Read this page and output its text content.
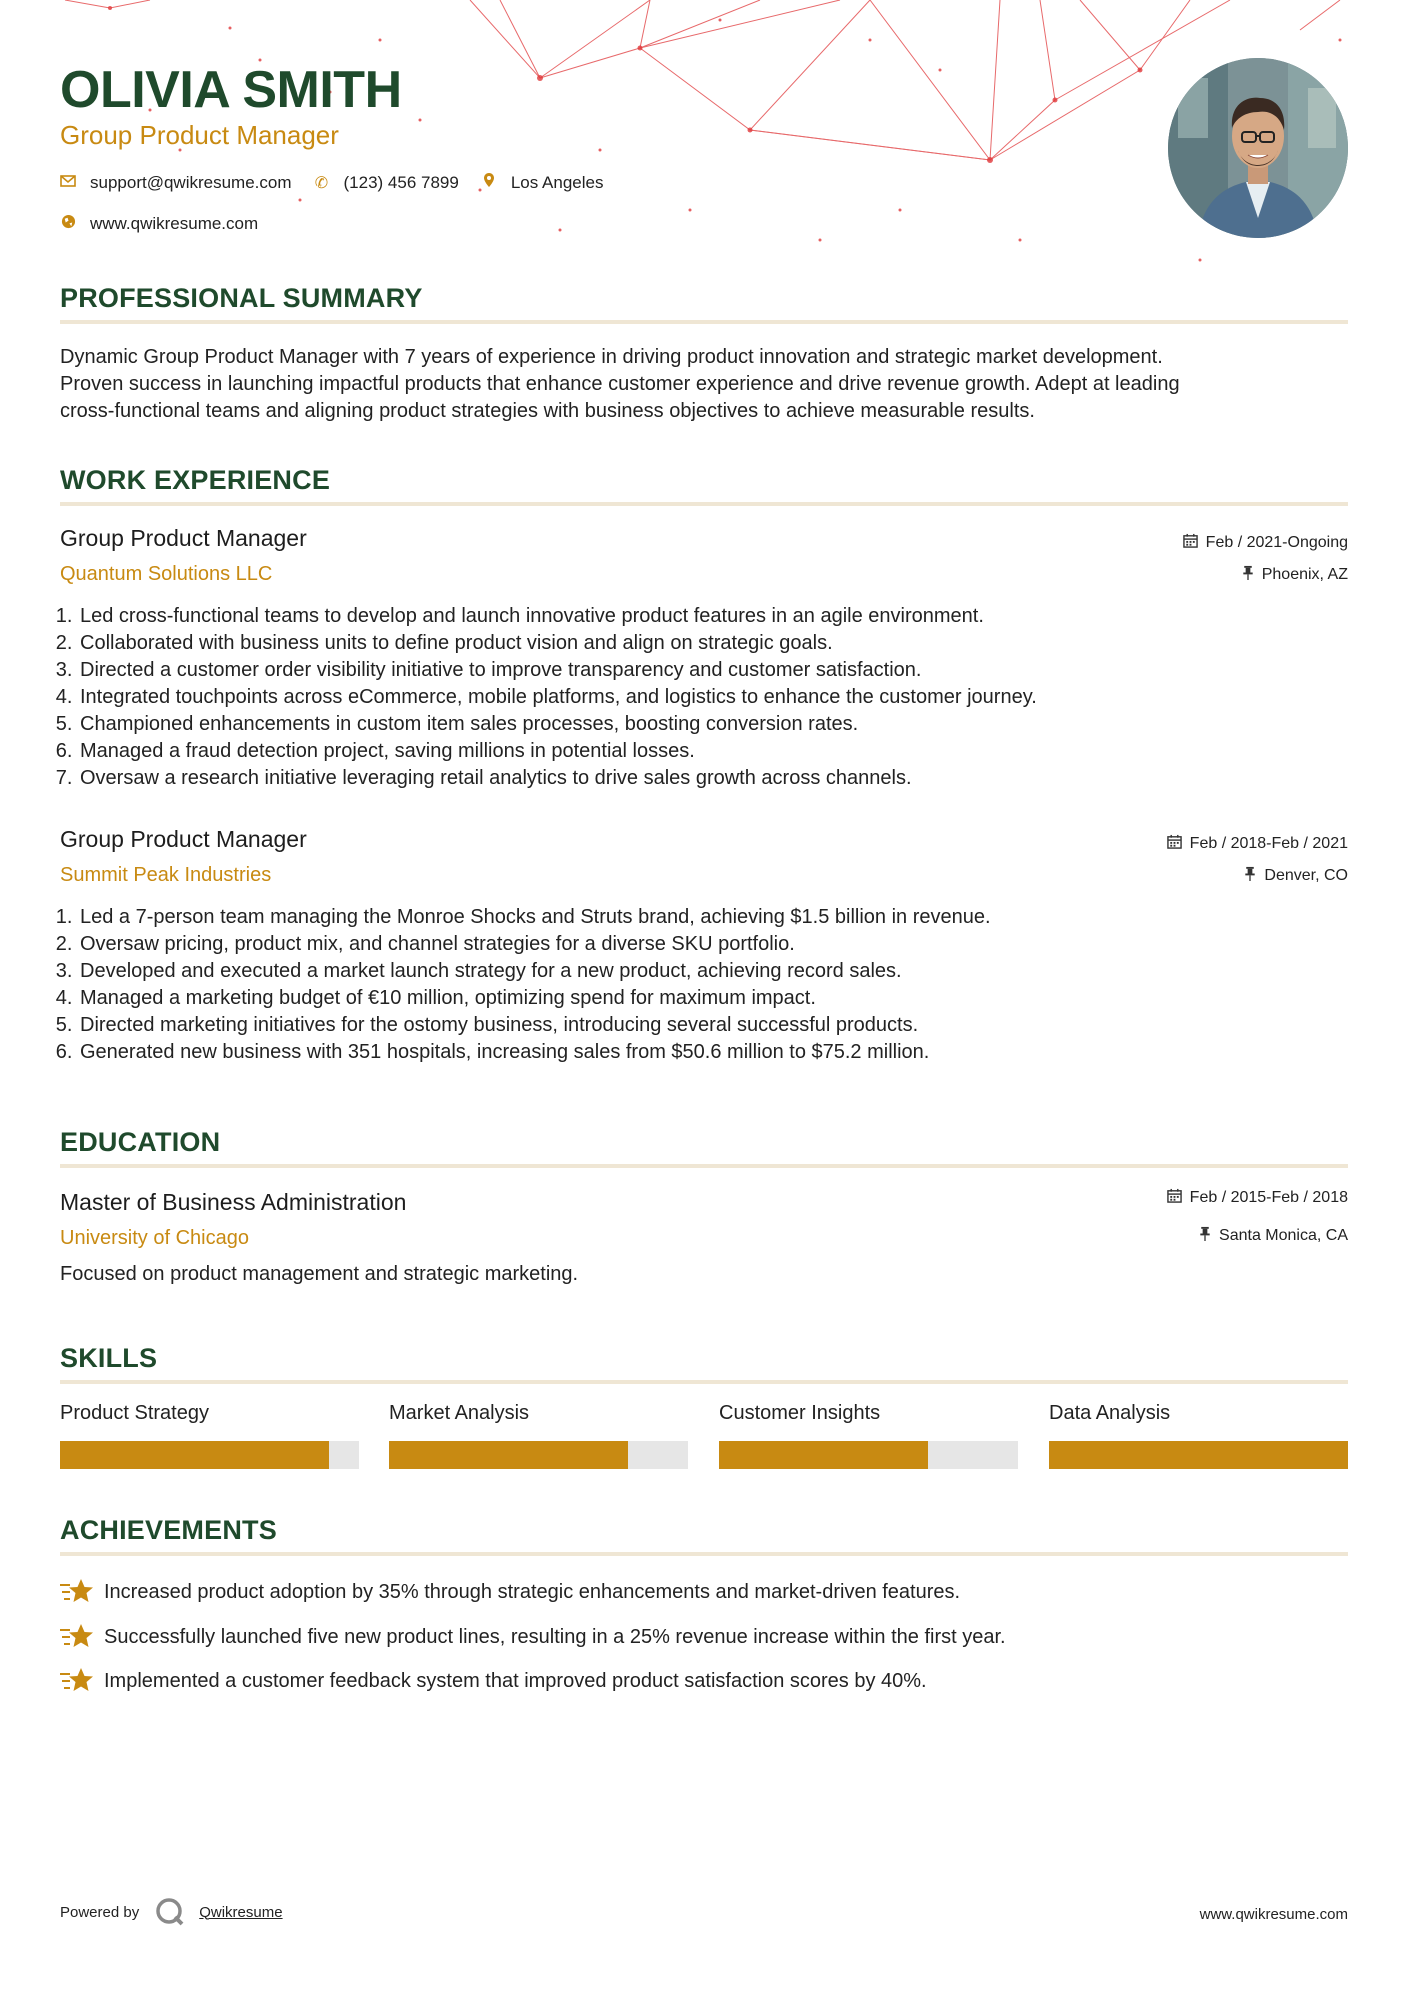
OLIVIA SMITH
Group Product Manager
support@qwikresume.com ✆ (123) 456 7899	Los Angeles
www.qwikresume.com
PROFESSIONAL SUMMARY
Dynamic Group Product Manager with 7 years of experience in driving product innovation and strategic market development.
Proven success in launching impactful products that enhance customer experience and drive revenue growth. Adept at leading
cross-functional teams and aligning product strategies with business objectives to achieve measurable results.
WORK EXPERIENCE
Group Product Manager
Quantum Solutions LLC
Feb / 2021-Ongoing
Phoenix, AZ
1. Led cross-functional teams to develop and launch innovative product features in an agile environment.
2. Collaborated with business units to define product vision and align on strategic goals.
3. Directed a customer order visibility initiative to improve transparency and customer satisfaction.
4. Integrated touchpoints across eCommerce, mobile platforms, and logistics to enhance the customer journey.
5. Championed enhancements in custom item sales processes, boosting conversion rates.
6. Managed a fraud detection project, saving millions in potential losses.
7. Oversaw a research initiative leveraging retail analytics to drive sales growth across channels.
Group Product Manager
Summit Peak Industries
Feb / 2018-Feb / 2021
Denver, CO
1. Led a 7-person team managing the Monroe Shocks and Struts brand, achieving $1.5 billion in revenue.
2. Oversaw pricing, product mix, and channel strategies for a diverse SKU portfolio.
3. Developed and executed a market launch strategy for a new product, achieving record sales.
4. Managed a marketing budget of €10 million, optimizing spend for maximum impact.
5. Directed marketing initiatives for the ostomy business, introducing several successful products.
6. Generated new business with 351 hospitals, increasing sales from $50.6 million to $75.2 million.
EDUCATION
Master of Business Administration
University of Chicago
Feb / 2015-Feb / 2018
Santa Monica, CA
Focused on product management and strategic marketing.
SKILLS
Product Strategy	Market Analysis	Customer Insights	Data Analysis
ACHIEVEMENTS
Increased product adoption by 35% through strategic enhancements and market-driven features.
Successfully launched five new product lines, resulting in a 25% revenue increase within the first year.
Implemented a customer feedback system that improved product satisfaction scores by 40%.
Powered by	Qwikresume	www.qwikresume.com
